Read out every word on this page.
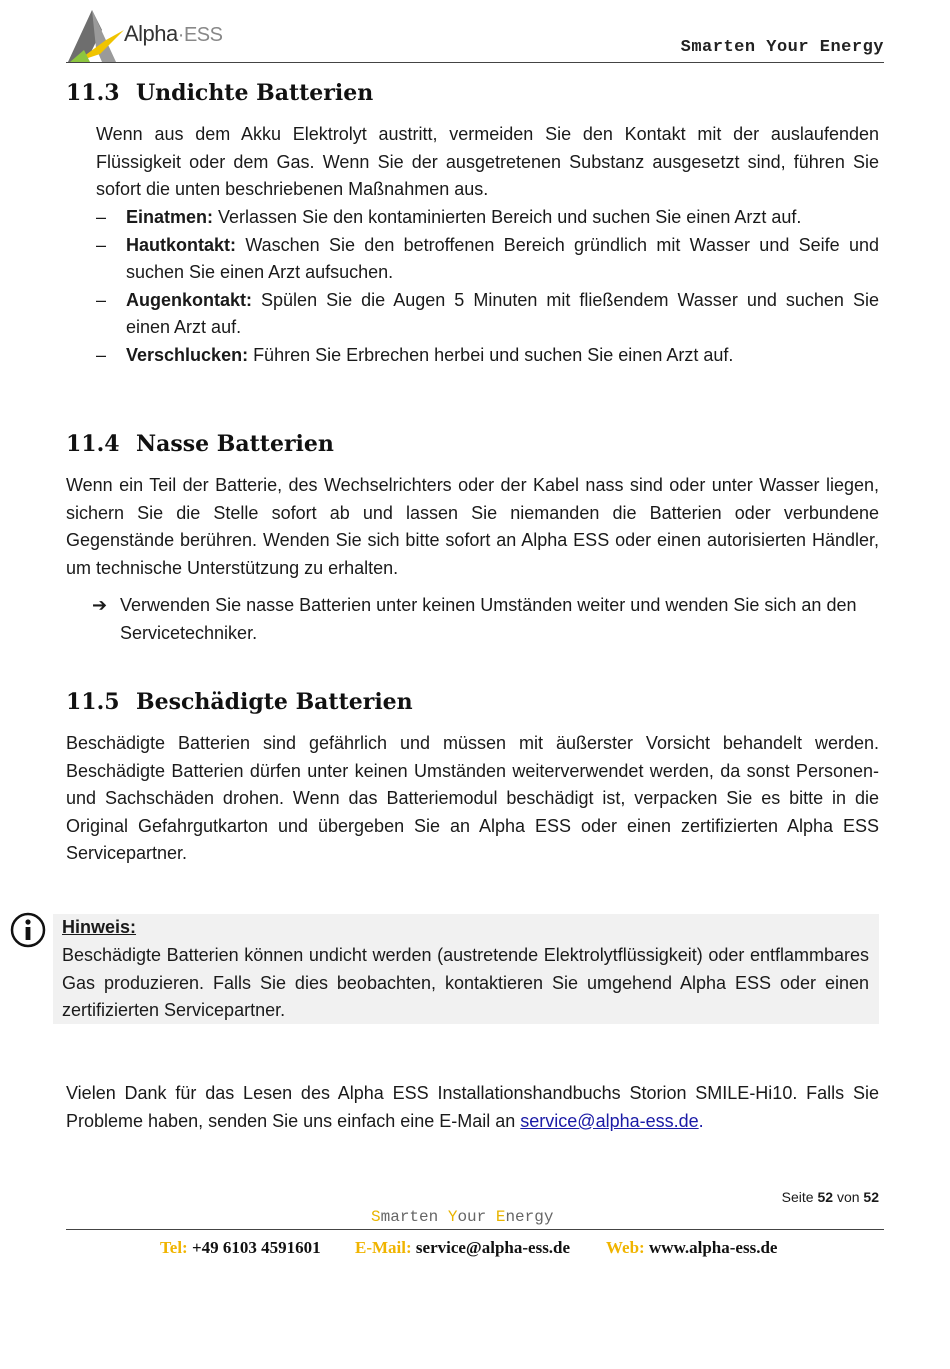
Alpha·ESS
Smarten Your Energy
11.3 Undichte Batterien
Wenn aus dem Akku Elektrolyt austritt, vermeiden Sie den Kontakt mit der auslaufenden Flüssigkeit oder dem Gas. Wenn Sie der ausgetretenen Substanz ausgesetzt sind, führen Sie sofort die unten beschriebenen Maßnahmen aus.
– Einatmen: Verlassen Sie den kontaminierten Bereich und suchen Sie einen Arzt auf.
– Hautkontakt: Waschen Sie den betroffenen Bereich gründlich mit Wasser und Seife und suchen Sie einen Arzt aufsuchen.
– Augenkontakt: Spülen Sie die Augen 5 Minuten mit fließendem Wasser und suchen Sie einen Arzt auf.
– Verschlucken: Führen Sie Erbrechen herbei und suchen Sie einen Arzt auf.
11.4 Nasse Batterien
Wenn ein Teil der Batterie, des Wechselrichters oder der Kabel nass sind oder unter Wasser liegen, sichern Sie die Stelle sofort ab und lassen Sie niemanden die Batterien oder verbundene Gegenstände berühren. Wenden Sie sich bitte sofort an Alpha ESS oder einen autorisierten Händler, um technische Unterstützung zu erhalten.
➔ Verwenden Sie nasse Batterien unter keinen Umständen weiter und wenden Sie sich an den Servicetechniker.
11.5 Beschädigte Batterien
Beschädigte Batterien sind gefährlich und müssen mit äußerster Vorsicht behandelt werden. Beschädigte Batterien dürfen unter keinen Umständen weiterverwendet werden, da sonst Personen- und Sachschäden drohen. Wenn das Batteriemodul beschädigt ist, verpacken Sie es bitte in die Original Gefahrgutkarton und übergeben Sie an Alpha ESS oder einen zertifizierten Alpha ESS Servicepartner.
Hinweis:
Beschädigte Batterien können undicht werden (austretende Elektrolytflüssigkeit) oder entflammbares Gas produzieren. Falls Sie dies beobachten, kontaktieren Sie umgehend Alpha ESS oder einen zertifizierten Servicepartner.
Vielen Dank für das Lesen des Alpha ESS Installationshandbuchs Storion SMILE-Hi10. Falls Sie Probleme haben, senden Sie uns einfach eine E-Mail an service@alpha-ess.de.
Seite 52 von 52
Smarten Your Energy
Tel: +49 6103 4591601 E-Mail: service@alpha-ess.de Web: www.alpha-ess.de
